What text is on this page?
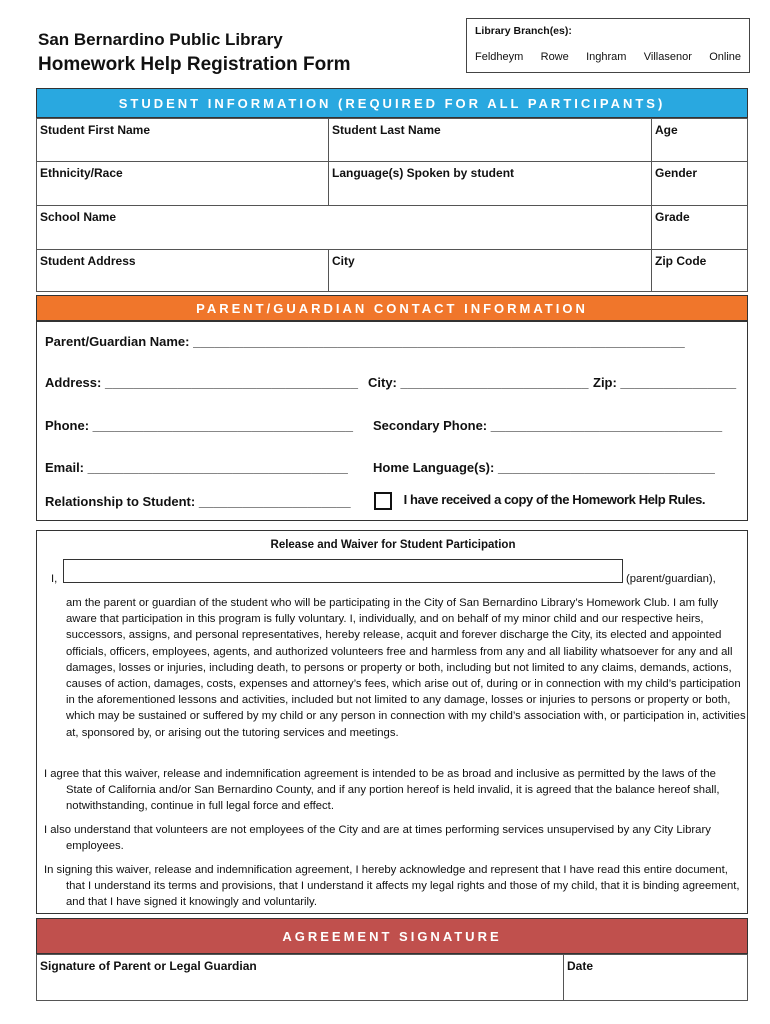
San Bernardino Public Library
Homework Help Registration Form
Library Branch(es):
Feldheym Rowe Inghram Villasenor Online
STUDENT INFORMATION (REQUIRED FOR ALL PARTICIPANTS)
Student First Name	Student Last Name	Age
Ethnicity/Race	Language(s) Spoken by student	Gender
School Name		Grade
Student Address	City	Zip Code
PARENT/GUARDIAN CONTACT INFORMATION
Parent/Guardian Name: ____________________________________________________________________
Address: ___________________________________ City: __________________________ Zip: ________________
Phone: ____________________________________ Secondary Phone: ________________________________
Email: ____________________________________ Home Language(s): ______________________________
Relationship to Student: _____________________	I have received a copy of the Homework Help Rules.
Release and Waiver for Student Participation
I,	(parent/guardian),

am the parent or guardian of the student who will be participating in the City of San Bernardino Library’s Homework Club. I am fully aware that participation in this program is fully voluntary. I, individually, and on behalf of my minor child and our respective heirs, successors, assigns, and personal representatives, hereby release, acquit and forever discharge the City, its elected and appointed officials, officers, employees, agents, and authorized volunteers free and harmless from any and all liability whatsoever for any and all damages, losses or injuries, including death, to persons or property or both, including but not limited to any claims, demands, actions, causes of action, damages, costs, expenses and attorney’s fees, which arise out of, during or in connection with my child’s participation in the aforementioned lessons and activities, included but not limited to any damage, losses or injuries to persons or property or both, which may be sustained or suffered by my child or any person in connection with my child’s association with, or participation in, activities at, sponsored by, or arising out the tutoring services and meetings.

I agree that this waiver, release and indemnification agreement is intended to be as broad and inclusive as permitted by the laws of the State of California and/or San Bernardino County, and if any portion hereof is held invalid, it is agreed that the balance hereof shall, notwithstanding, continue in full legal force and effect.

I also understand that volunteers are not employees of the City and are at times performing services unsupervised by any City Library employees.

In signing this waiver, release and indemnification agreement, I hereby acknowledge and represent that I have read this entire document, that I understand its terms and provisions, that I understand it affects my legal rights and those of my child, that it is binding agreement, and that I have signed it knowingly and voluntarily.

AGREEMENT SIGNATURE
Signature of Parent or Legal Guardian	Date
